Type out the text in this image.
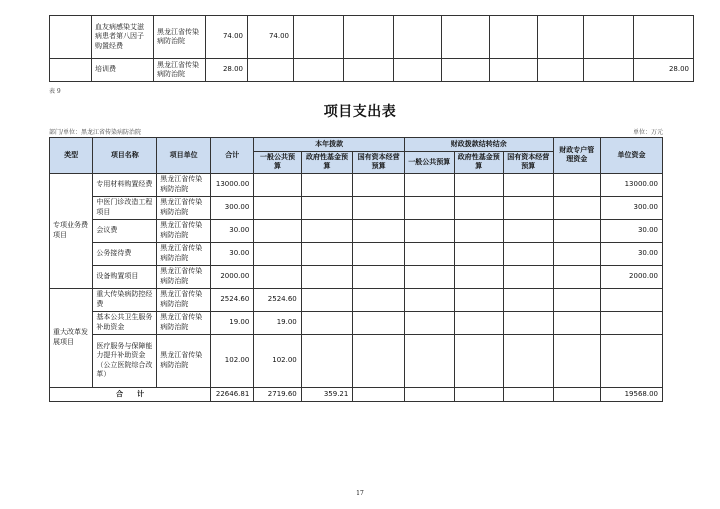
	血友病感染艾滋病患者第八因子购置经费	黑龙江省传染病防治院	74.00	74.00								
	培训费	黑龙江省传染病防治院	28.00									28.00
表 9
项目支出表
部门/单位：黑龙江省传染病防治院	单位：万元
类型	项目名称	项目单位	合计	本年拨款			财政拨款结转结余			财政专户管理资金	单位资金
				一般公共预算	政府性基金预算	国有资本经营预算	一般公共预算	政府性基金预算	国有资本经营预算		
专项业务费项目	专用材料购置经费	黑龙江省传染病防治院	13000.00								13000.00
	中医门诊改造工程项目	黑龙江省传染病防治院	300.00								300.00
	会议费	黑龙江省传染病防治院	30.00								30.00
	公务接待费	黑龙江省传染病防治院	30.00								30.00
	设备购置项目	黑龙江省传染病防治院	2000.00								2000.00
重大改革发展项目	重大传染病防控经费	黑龙江省传染病防治院	2524.60	2524.60							
	基本公共卫生服务补助资金	黑龙江省传染病防治院	19.00	19.00							
	医疗服务与保障能力提升补助资金（公立医院综合改革）	黑龙江省传染病防治院	102.00	102.00							
合　　计			22646.81	2719.60	359.21						19568.00
17
